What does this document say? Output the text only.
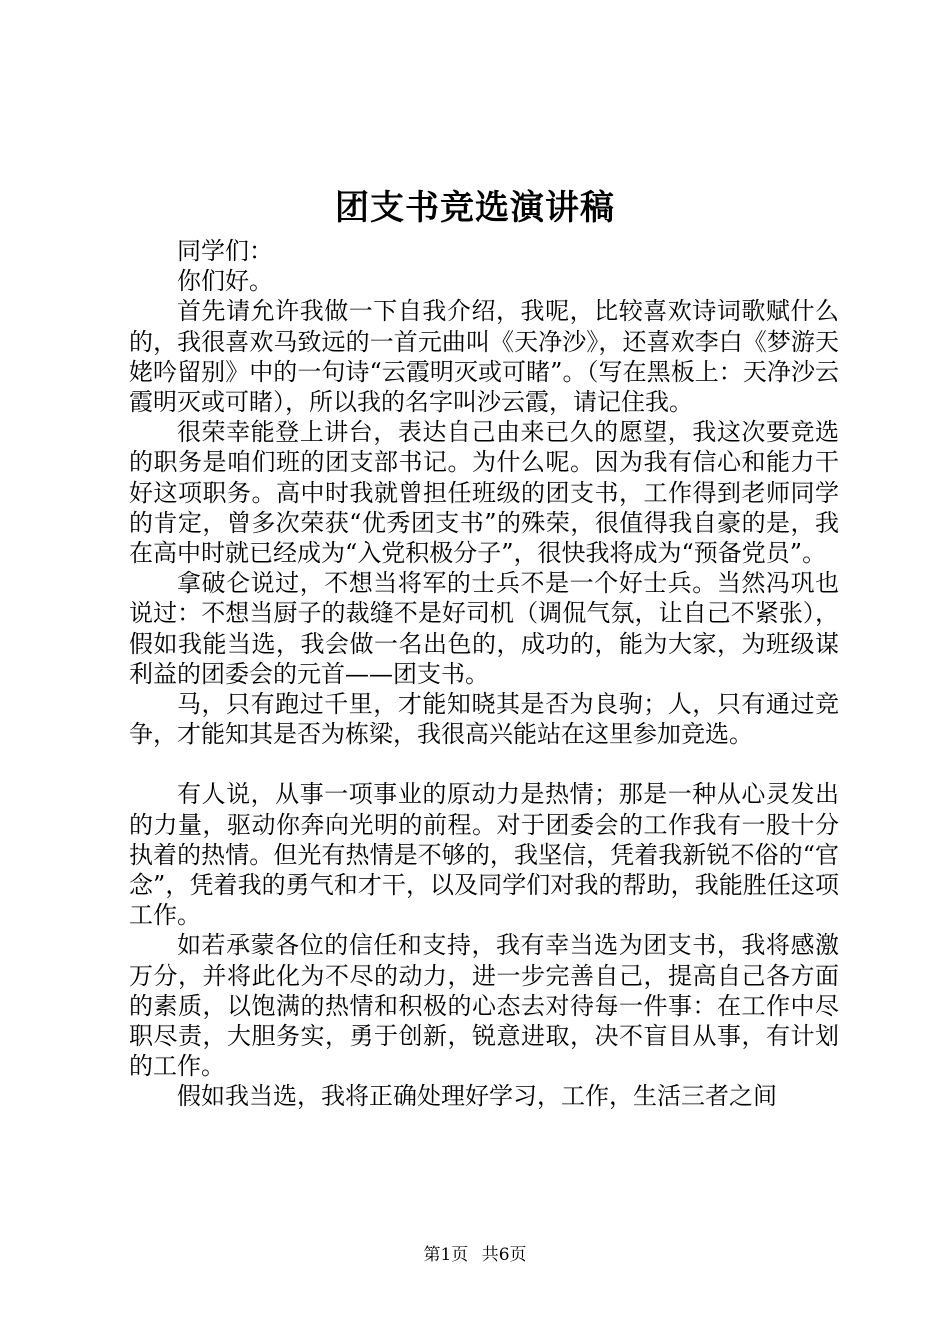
团支书竞选演讲稿

同学们：

你们好。

首先请允许我做一下自我介绍，我呢，比较喜欢诗词歌赋什么的，我很喜欢马致远的一首元曲叫《天净沙》，还喜欢李白《梦游天姥吟留别》中的一句诗“云霞明灭或可睹”。（写在黑板上：天净沙云霞明灭或可睹），所以我的名字叫沙云霞，请记住我。

很荣幸能登上讲台，表达自己由来已久的愿望，我这次要竞选的职务是咱们班的团支部书记。为什么呢。因为我有信心和能力干好这项职务。高中时我就曾担任班级的团支书，工作得到老师同学的肯定，曾多次荣获“优秀团支书”的殊荣，很值得我自豪的是，我在高中时就已经成为“入党积极分子”，很快我将成为“预备党员”。

拿破仑说过，不想当将军的士兵不是一个好士兵。当然冯巩也说过：不想当厨子的裁缝不是好司机（调侃气氛，让自己不紧张），假如我能当选，我会做一名出色的，成功的，能为大家，为班级谋利益的团委会的元首——团支书。

马，只有跑过千里，才能知晓其是否为良驹；人，只有通过竞争，才能知其是否为栋梁，我很高兴能站在这里参加竞选。

有人说，从事一项事业的原动力是热情；那是一种从心灵发出的力量，驱动你奔向光明的前程。对于团委会的工作我有一股十分执着的热情。但光有热情是不够的，我坚信，凭着我新锐不俗的“官念”，凭着我的勇气和才干，以及同学们对我的帮助，我能胜任这项工作。

如若承蒙各位的信任和支持，我有幸当选为团支书，我将感激万分，并将此化为不尽的动力，进一步完善自己，提高自己各方面的素质，以饱满的热情和积极的心态去对待每一件事：在工作中尽职尽责，大胆务实，勇于创新，锐意进取，决不盲目从事，有计划的工作。

假如我当选，我将正确处理好学习，工作，生活三者之间

第1页 共6页
